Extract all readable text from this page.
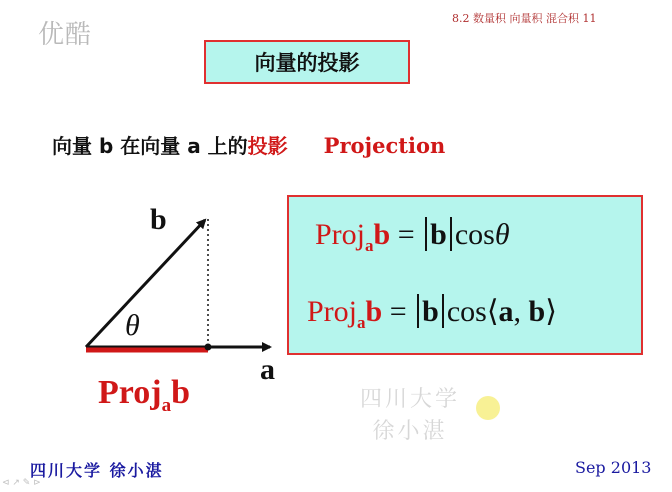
优酷
8.2 数量积 向量积 混合积 11
向量的投影
向量 b 在向量 a 上的投影 Projection
b
θ
a
Proj$_a$b = b cosθ
Proj$_a$b = b cos⟨a, b⟩
Proj$_a$b	四川大学
徐小湛
四川大学 徐小湛	Sep 2013
⊲ ↗ ✎ ⊳
